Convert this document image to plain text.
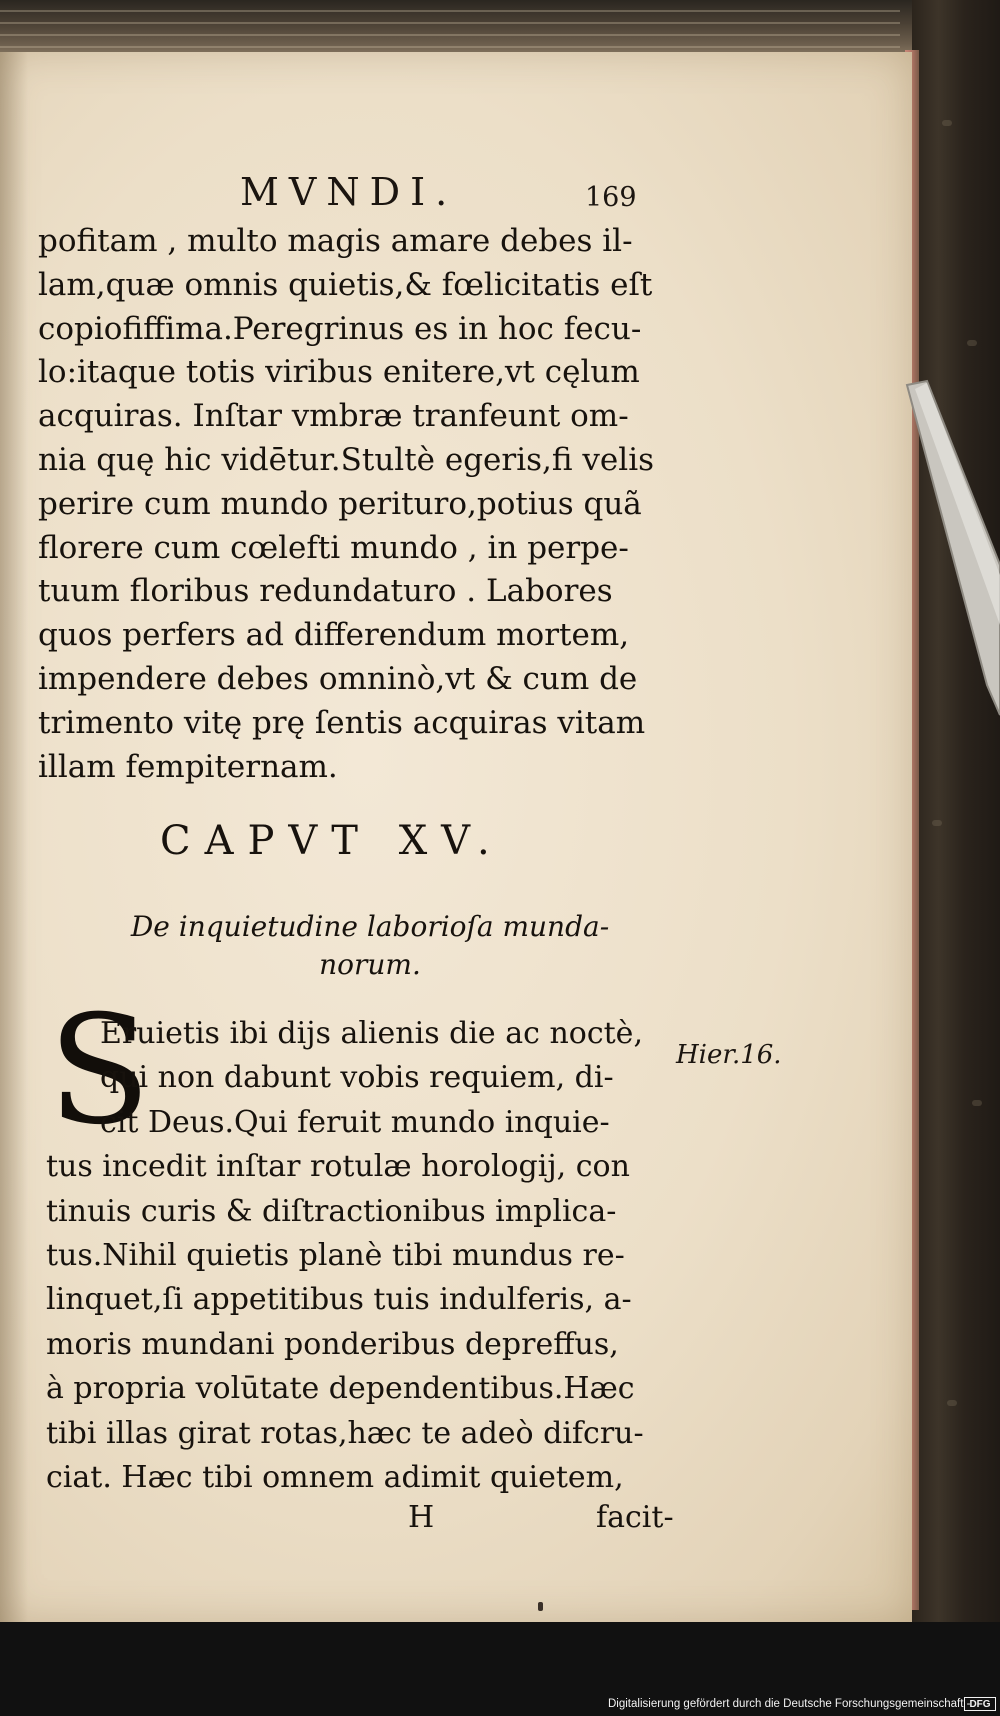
MVNDI.	169
pofitam , multo magis amare debes il-
lam,quæ omnis quietis,& fœlicitatis eſt
copiofiffima.Peregrinus es in hoc fecu-
lo:itaque totis viribus enitere,vt cęlum
acquiras. Inſtar vmbræ tranfeunt om-
nia quę hic vidētur.Stultè egeris,fi velis
perire cum mundo perituro,potius quã
florere cum cœlefti mundo , in perpe-
tuum floribus redundaturo . Labores
quos perfers ad differendum mortem,
impendere debes omninò,vt & cum de
trimento vitę prę ſentis acquiras vitam
illam fempiternam.
CAPVT XV.
De inquietudine laborioſa munda-
norum.
S
Eruietis ibi dijs alienis die ac noctè,
qui non dabunt vobis requiem, di-
cit Deus.Qui feruit mundo inquie-
tus incedit inſtar rotulæ horologij, con
tinuis curis & diſtractionibus implica-
tus.Nihil quietis planè tibi mundus re-
linquet,ſi appetitibus tuis indulferis, a-
moris mundani ponderibus depreffus,
à propria volūtate dependentibus.Hæc
tibi illas girat rotas,hæc te adeò difcru-
ciat. Hæc tibi omnem adimit quietem,
Hier.16.
H	facit-
Digitalisierung gefördert durch die Deutsche Forschungsgemeinschaft - DFG
